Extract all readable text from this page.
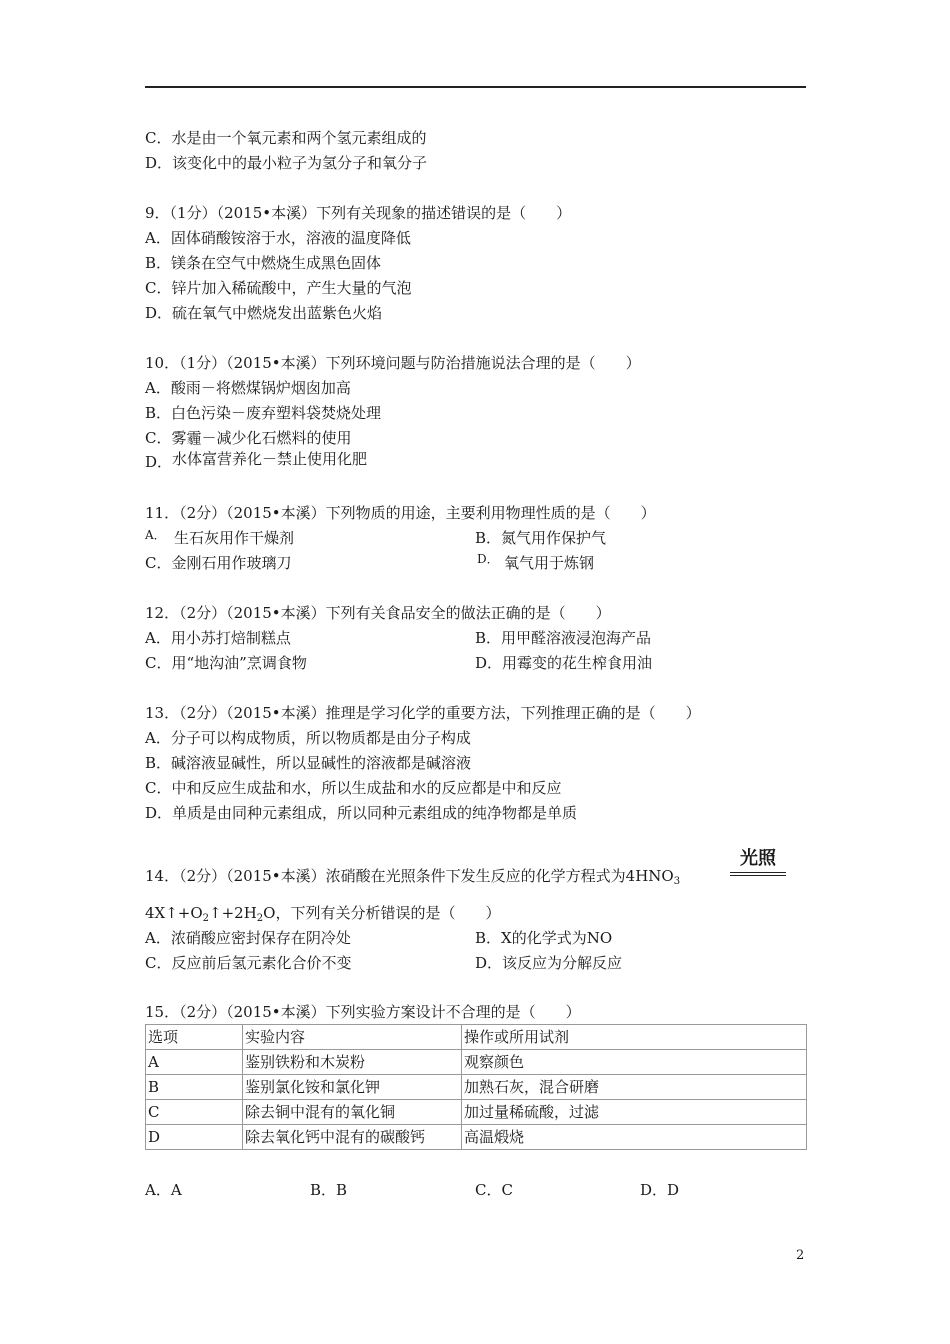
C．水是由一个氧元素和两个氢元素组成的
D．该变化中的最小粒子为氢分子和氧分子
9．（1分）（2015•本溪）下列有关现象的描述错误的是（　　）
A．固体硝酸铵溶于水，溶液的温度降低
B．镁条在空气中燃烧生成黑色固体
C．锌片加入稀硫酸中，产生大量的气泡
D．硫在氧气中燃烧发出蓝紫色火焰
10．（1分）（2015•本溪）下列环境问题与防治措施说法合理的是（　　）
A．酸雨－将燃煤锅炉烟囱加高
B．白色污染－废弃塑料袋焚烧处理
C．雾霾－减少化石燃料的使用
D． 水体富营养化－禁止使用化肥
11．（2分）（2015•本溪）下列物质的用途，主要利用物理性质的是（　　）
A． 生石灰用作干燥剂	B．氮气用作保护气
C．金刚石用作玻璃刀	D． 氧气用于炼钢
12．（2分）（2015•本溪）下列有关食品安全的做法正确的是（　　）
A．用小苏打焙制糕点	B．用甲醛溶液浸泡海产品
C．用“地沟油”烹调食物	D．用霉变的花生榨食用油
13．（2分）（2015•本溪）推理是学习化学的重要方法，下列推理正确的是（　　）
A．分子可以构成物质，所以物质都是由分子构成
B．碱溶液显碱性，所以显碱性的溶液都是碱溶液
C．中和反应生成盐和水，所以生成盐和水的反应都是中和反应
D．单质是由同种元素组成，所以同种元素组成的纯净物都是单质
14．（2分）（2015•本溪）浓硝酸在光照条件下发生反应的化学方程式为$4HNO_3$
光照
$4X↑+O_2↑+2H_2O$，下列有关分析错误的是（　　）
A．浓硝酸应密封保存在阴冷处	B．X的化学式为NO
C．反应前后氢元素化合价不变	D．该反应为分解反应
15．（2分）（2015•本溪）下列实验方案设计不合理的是（　　）
选项	实验内容	操作或所用试剂
A	鉴别铁粉和木炭粉	观察颜色
B	鉴别氯化铵和氯化钾	加熟石灰，混合研磨
C	除去铜中混有的氧化铜	加过量稀硫酸，过滤
D	除去氧化钙中混有的碳酸钙	高温煅烧
A．A	B．B	C．C	D．D
2
